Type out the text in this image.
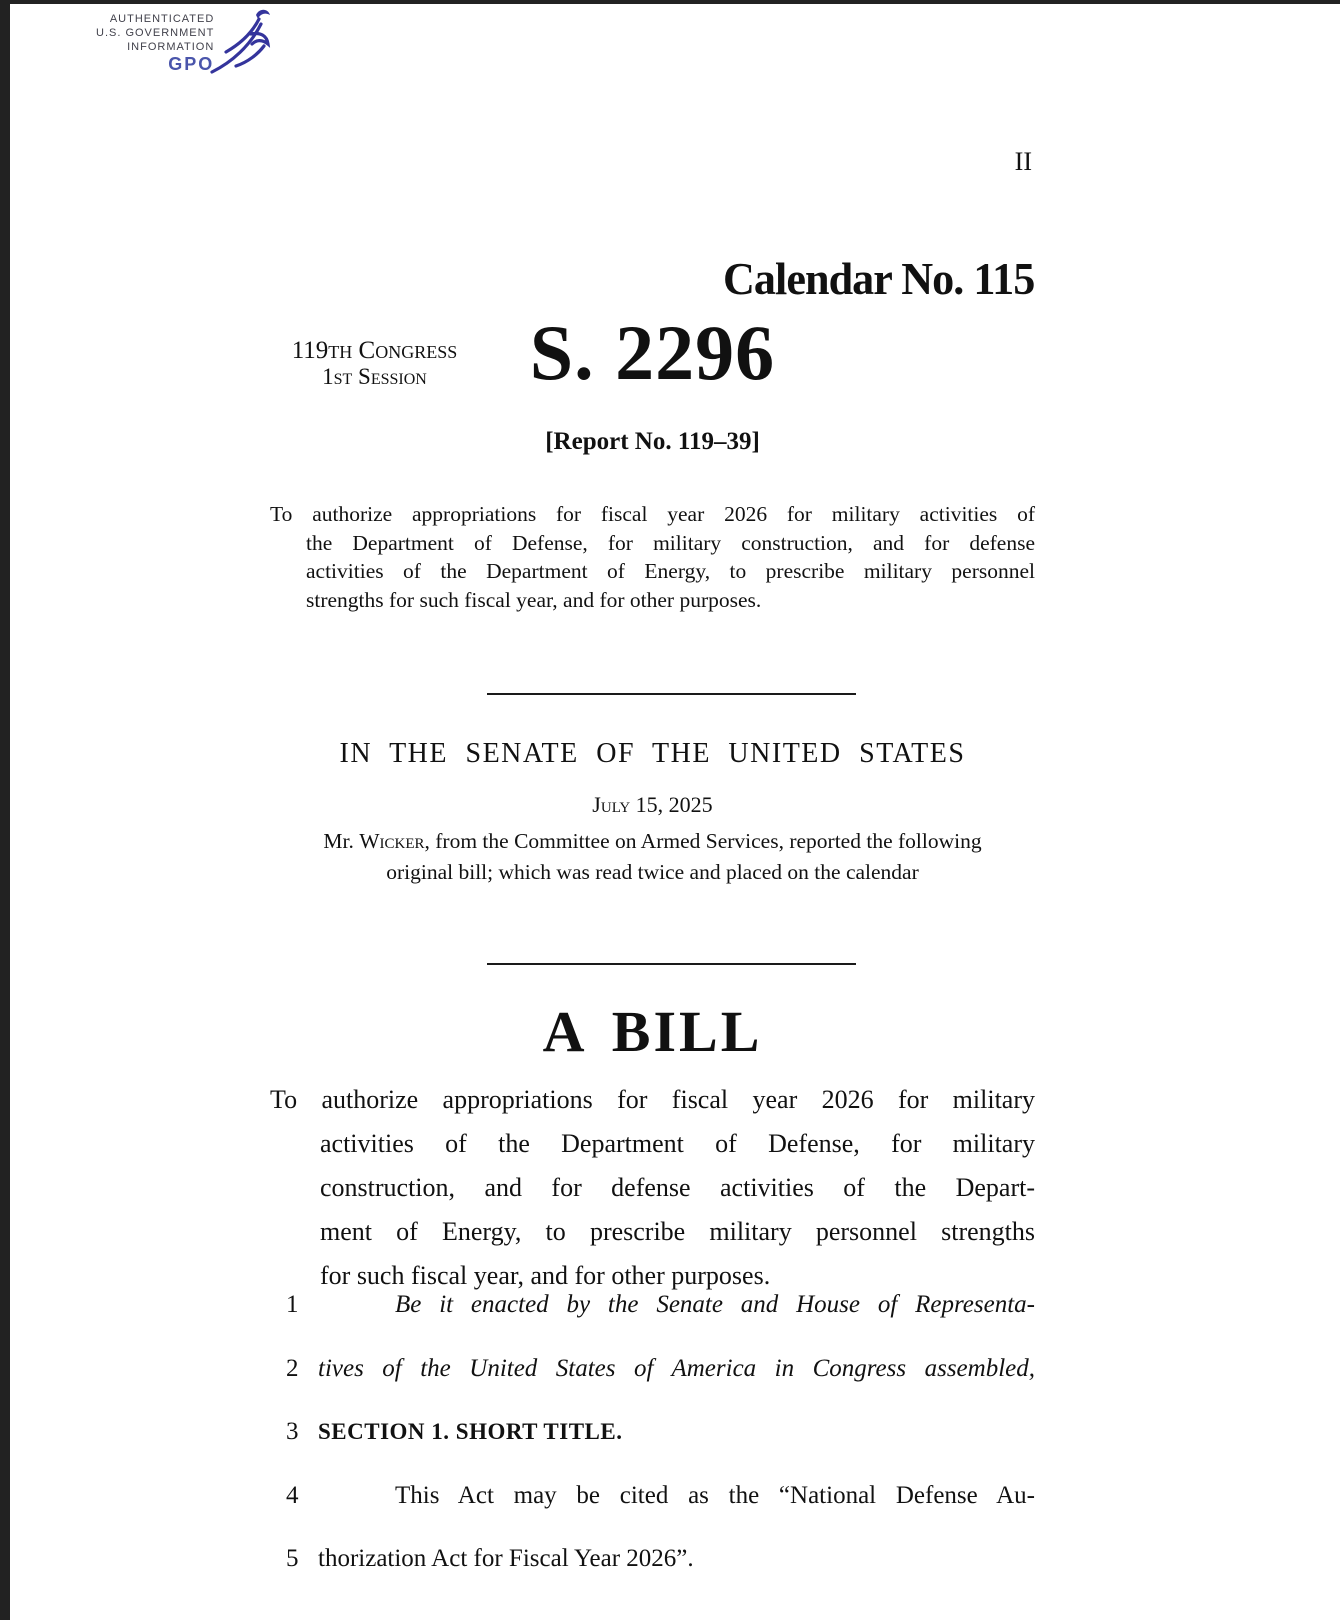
AUTHENTICATED
U.S. GOVERNMENT
INFORMATION
GPO
II
Calendar No. 115
119th Congress
1st Session	S. 2296
[Report No. 119–39]
To authorize appropriations for fiscal year 2026 for military activities of
the Department of Defense, for military construction, and for defense
activities of the Department of Energy, to prescribe military personnel
strengths for such fiscal year, and for other purposes.
IN THE SENATE OF THE UNITED STATES
July 15, 2025
Mr. Wicker, from the Committee on Armed Services, reported the following
original bill; which was read twice and placed on the calendar
A BILL
To authorize appropriations for fiscal year 2026 for military
activities of the Department of Defense, for military
construction, and for defense activities of the Depart-
ment of Energy, to prescribe military personnel strengths
for such fiscal year, and for other purposes.
1	Be it enacted by the Senate and House of Representa-
2 tives of the United States of America in Congress assembled,
3 SECTION 1. SHORT TITLE.
4	This Act may be cited as the “National Defense Au-
5 thorization Act for Fiscal Year 2026”.
